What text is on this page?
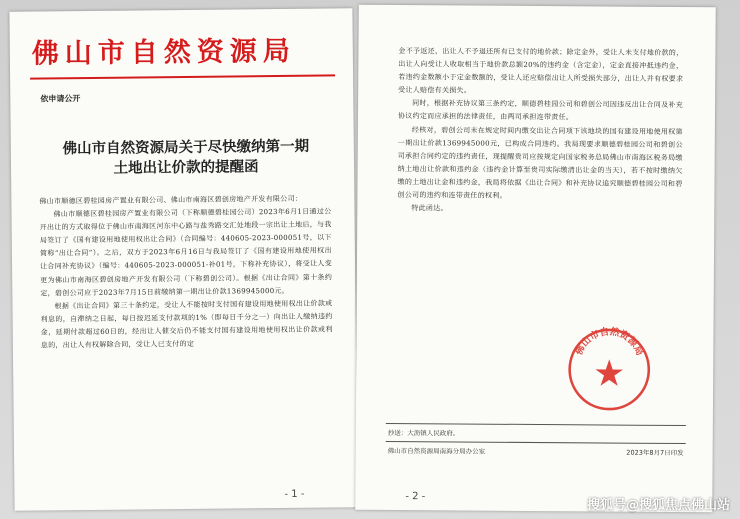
佛山市自然资源局
依申请公开
佛山市自然资源局关于尽快缴纳第一期
土地出让价款的提醒函

佛山市顺德区碧桂园房产置业有限公司、佛山市南海区碧创房地产开发有限公司：

佛山市顺德区碧桂园房产置业有限公司（下称顺德碧桂园公司）2023年6月1日通过公开出让的方式取得位于佛山市南海区河东中心路与盐秀路交汇处地段一宗出让土地后，与我局签订了《国有建设用地使用权出让合同》（合同编号：440605-2023-000051号，以下简称“出让合同”）。之后，双方于2023年6月16日与我局签订了《国有建设用地使用权出让合同补充协议》（编号：440605-2023-000051-补01号，下称补充协议），将受让人变更为佛山市南海区碧创房地产开发有限公司（下称碧创公司）。根据《出让合同》第十条约定，碧创公司应于2023年7月15日前缴纳第一期出让价款1369945000元。

根据《出让合同》第三十条约定，受让人不能按时支付国有建设用地使用权出让价款或利息的，自滞纳之日起，每日按迟延支付款项的1%（即每日千分之一）向出让人缴纳违约金，延期付款超过60日的，经出让人催交后仍不能支付国有建设用地使用权出让价款或利息的，出让人有权解除合同，受让人已支付的定

- 1 -

金不予返还，出让人不予退还所有已支付的地价款；除定金外，受让人未支付地价款的，出让人向受让人收取相当于地价款总额20%的违约金（含定金），定金直接冲抵违约金，若违约金数额小于定金数额的，受让人还应赔偿出让人所受损失部分，出让人并有权要求受让人赔偿有关损失。

同时，根据补充协议第三条约定，顺德碧桂园公司和碧创公司因违反出让合同及补充协议约定而应承担的法律责任，由两司承担连带责任。

经核对，碧创公司未在规定时间内缴交出让合同项下该地块的国有建设用地使用权第一期出让价款1369945000元，已构成合同违约。我局现要求顺德碧桂园公司和碧创公司承担合同约定的违约责任，现提醒贵司应按规定向国家税务总局佛山市南海区税务局缴纳土地出让价款和违约金（违约金计算至贵司实际缴清出让金的当天），若不按时缴纳欠缴的土地出让金和违约金，我局将依据《出让合同》和补充协议追究顺德碧桂园公司和碧创公司的违约和连带责任的权利。

特此函达。

佛山市自然资源局
抄送：大沥镇人民政府。
佛山市自然资源局南海分局办公室	2023年8月7日印发
- 2 -
搜狐号@搜狐焦点佛山站
